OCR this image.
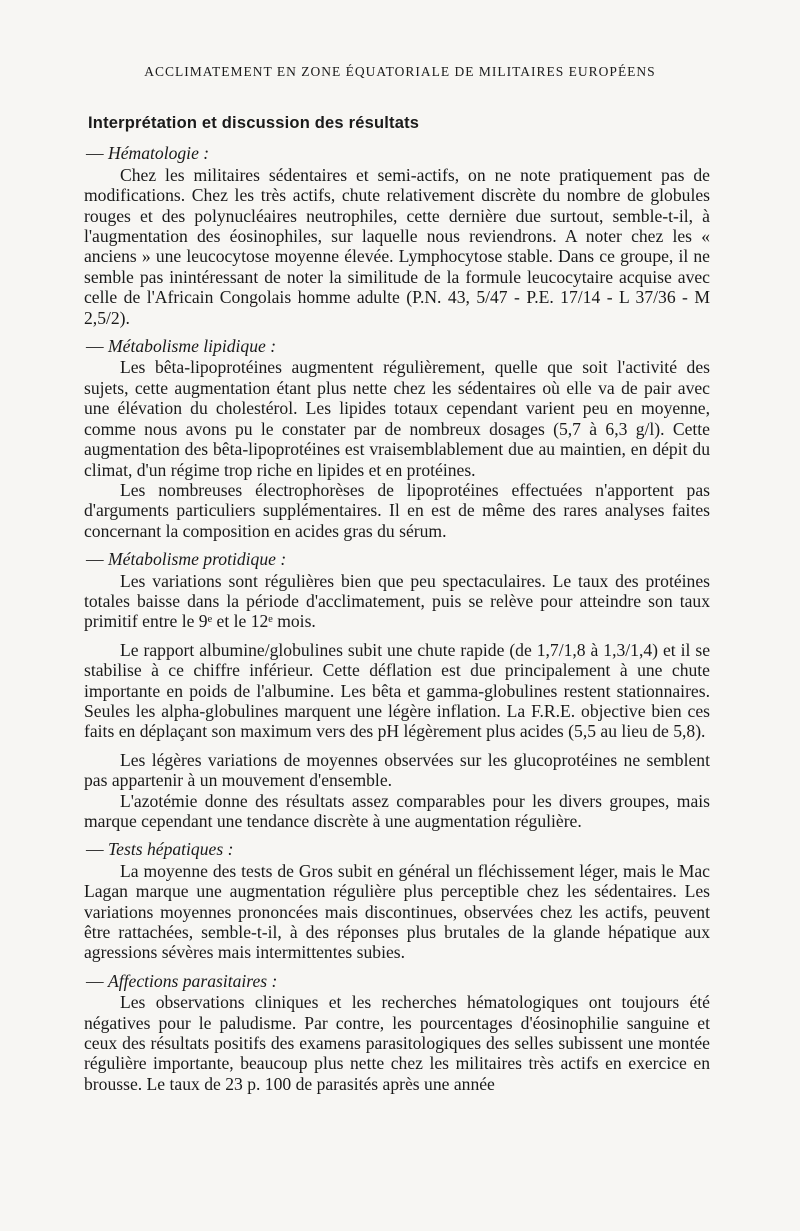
ACCLIMATEMENT EN ZONE ÉQUATORIALE DE MILITAIRES EUROPÉENS
Interprétation et discussion des résultats
— Hématologie :

Chez les militaires sédentaires et semi-actifs, on ne note pratiquement pas de modifications. Chez les très actifs, chute relativement discrète du nombre de globules rouges et des polynucléaires neutrophiles, cette dernière due surtout, semble-t-il, à l'augmentation des éosinophiles, sur laquelle nous reviendrons. A noter chez les « anciens » une leucocytose moyenne élevée. Lymphocytose stable. Dans ce groupe, il ne semble pas inintéressant de noter la similitude de la formule leucocytaire acquise avec celle de l'Africain Congolais homme adulte (P.N. 43, 5/47 - P.E. 17/14 - L 37/36 - M 2,5/2).

— Métabolisme lipidique :

Les bêta-lipoprotéines augmentent régulièrement, quelle que soit l'activité des sujets, cette augmentation étant plus nette chez les sédentaires où elle va de pair avec une élévation du cholestérol. Les lipides totaux cependant varient peu en moyenne, comme nous avons pu le constater par de nombreux dosages (5,7 à 6,3 g/l). Cette augmentation des bêta-lipoprotéines est vraisemblablement due au maintien, en dépit du climat, d'un régime trop riche en lipides et en protéines.

Les nombreuses électrophorèses de lipoprotéines effectuées n'apportent pas d'arguments particuliers supplémentaires. Il en est de même des rares analyses faites concernant la composition en acides gras du sérum.

— Métabolisme protidique :

Les variations sont régulières bien que peu spectaculaires. Le taux des protéines totales baisse dans la période d'acclimatement, puis se relève pour atteindre son taux primitif entre le 9ᵉ et le 12ᵉ mois.

Le rapport albumine/globulines subit une chute rapide (de 1,7/1,8 à 1,3/1,4) et il se stabilise à ce chiffre inférieur. Cette déflation est due principalement à une chute importante en poids de l'albumine. Les bêta et gamma-globulines restent stationnaires. Seules les alpha-globulines marquent une légère inflation. La F.R.E. objective bien ces faits en déplaçant son maximum vers des pH légèrement plus acides (5,5 au lieu de 5,8).

Les légères variations de moyennes observées sur les glucoprotéines ne semblent pas appartenir à un mouvement d'ensemble.

L'azotémie donne des résultats assez comparables pour les divers groupes, mais marque cependant une tendance discrète à une augmentation régulière.

— Tests hépatiques :

La moyenne des tests de Gros subit en général un fléchissement léger, mais le Mac Lagan marque une augmentation régulière plus perceptible chez les sédentaires. Les variations moyennes prononcées mais discontinues, observées chez les actifs, peuvent être rattachées, semble-t-il, à des réponses plus brutales de la glande hépatique aux agressions sévères mais intermittentes subies.

— Affections parasitaires :

Les observations cliniques et les recherches hématologiques ont toujours été négatives pour le paludisme. Par contre, les pourcentages d'éosinophilie sanguine et ceux des résultats positifs des examens parasitologiques des selles subissent une montée régulière importante, beaucoup plus nette chez les militaires très actifs en exercice en brousse. Le taux de 23 p. 100 de parasités après une année
